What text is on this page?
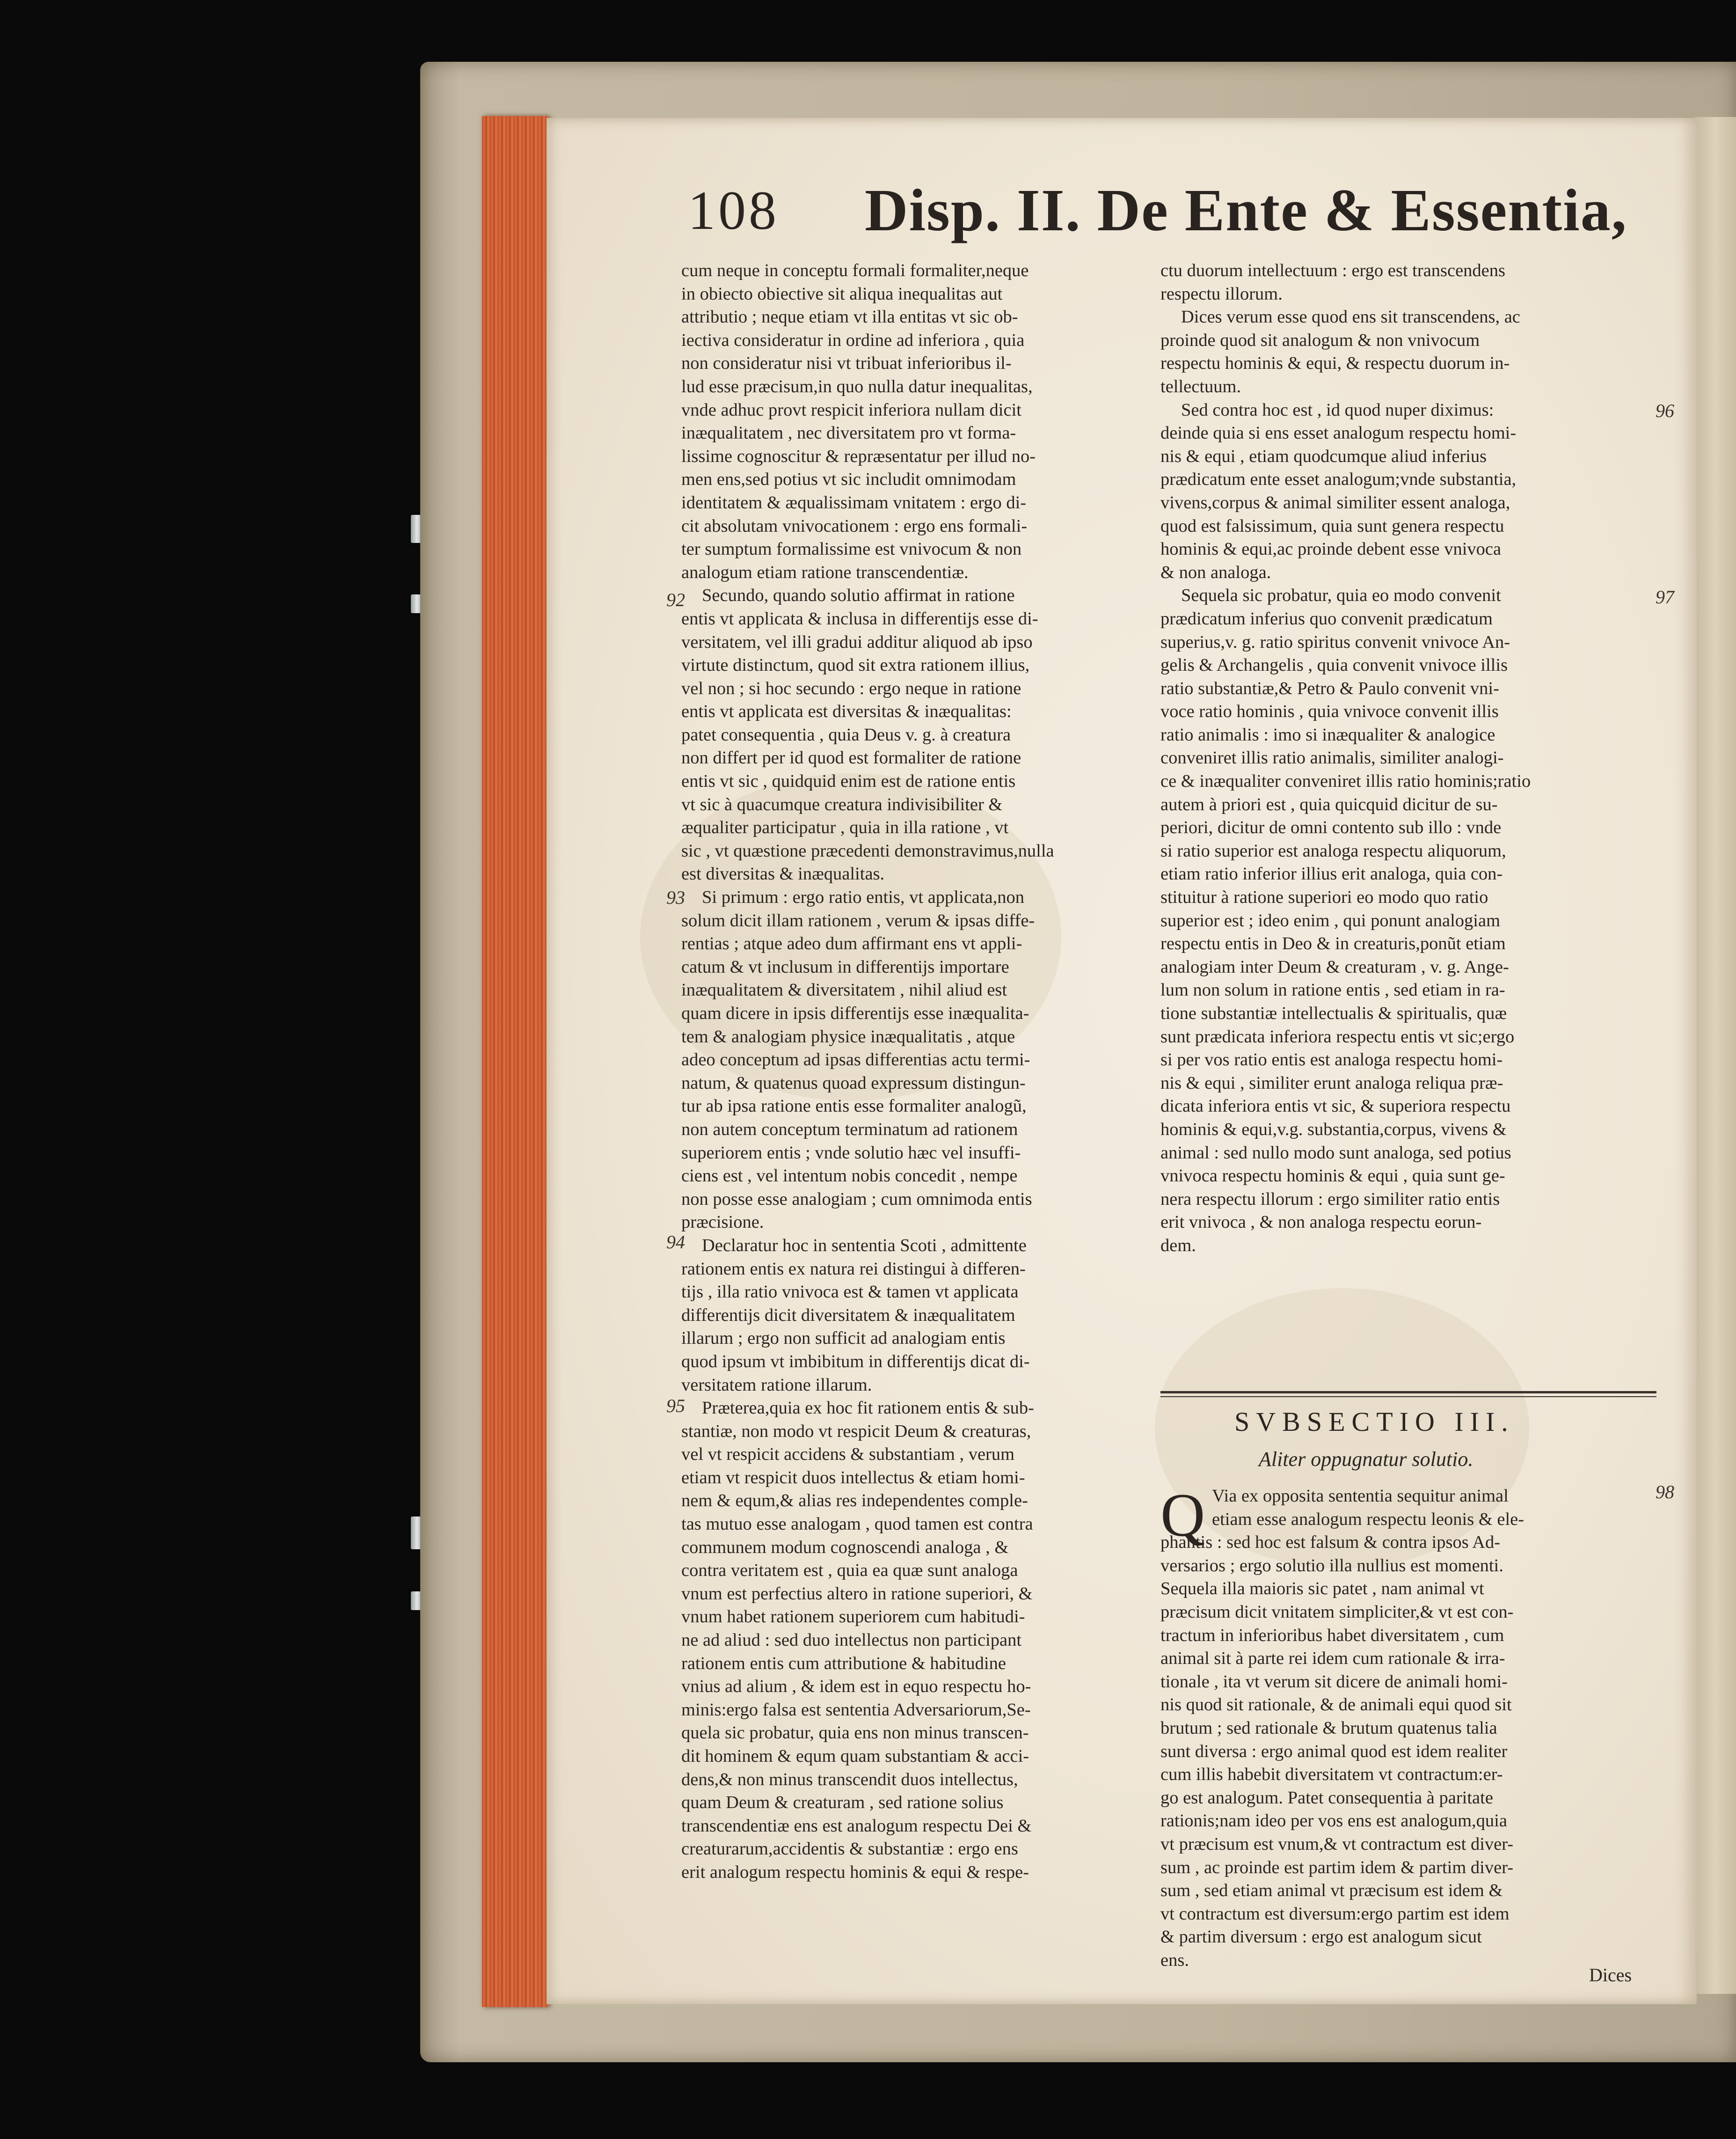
108 Disp. II. De Ente & Essentia,
cum neque in conceptu formali formaliter,neque
in obiecto obiective sit aliqua inequalitas aut
attributio ; neque etiam vt illa entitas vt sic ob-
iectiva consideratur in ordine ad inferiora , quia
non consideratur nisi vt tribuat inferioribus il-
lud esse præcisum,in quo nulla datur inequalitas,
vnde adhuc provt respicit inferiora nullam dicit
inæqualitatem , nec diversitatem pro vt forma-
lissime cognoscitur & repræsentatur per illud no-
men ens,sed potius vt sic includit omnimodam
identitatem & æqualissimam vnitatem : ergo di-
cit absolutam vnivocationem : ergo ens formali-
ter sumptum formalissime est vnivocum & non
analogum etiam ratione transcendentiæ.
Secundo, quando solutio affirmat in ratione
entis vt applicata & inclusa in differentijs esse di-
versitatem, vel illi gradui additur aliquod ab ipso
virtute distinctum, quod sit extra rationem illius,
vel non ; si hoc secundo : ergo neque in ratione
entis vt applicata est diversitas & inæqualitas:
patet consequentia , quia Deus v. g. à creatura
non differt per id quod est formaliter de ratione
entis vt sic , quidquid enim est de ratione entis
vt sic à quacumque creatura indivisibiliter &
æqualiter participatur , quia in illa ratione , vt
sic , vt quæstione præcedenti demonstravimus,nulla
est diversitas & inæqualitas.
Si primum : ergo ratio entis, vt applicata,non
solum dicit illam rationem , verum & ipsas diffe-
rentias ; atque adeo dum affirmant ens vt appli-
catum & vt inclusum in differentijs importare
inæqualitatem & diversitatem , nihil aliud est
quam dicere in ipsis differentijs esse inæqualita-
tem & analogiam physice inæqualitatis , atque
adeo conceptum ad ipsas differentias actu termi-
natum, & quatenus quoad expressum distingun-
tur ab ipsa ratione entis esse formaliter analogũ,
non autem conceptum terminatum ad rationem
superiorem entis ; vnde solutio hæc vel insuffi-
ciens est , vel intentum nobis concedit , nempe
non posse esse analogiam ; cum omnimoda entis
præcisione.
Declaratur hoc in sententia Scoti , admittente
rationem entis ex natura rei distingui à differen-
tijs , illa ratio vnivoca est & tamen vt applicata
differentijs dicit diversitatem & inæqualitatem
illarum ; ergo non sufficit ad analogiam entis
quod ipsum vt imbibitum in differentijs dicat di-
versitatem ratione illarum.
Præterea,quia ex hoc fit rationem entis & sub-
stantiæ, non modo vt respicit Deum & creaturas,
vel vt respicit accidens & substantiam , verum
etiam vt respicit duos intellectus & etiam homi-
nem & equm,& alias res independentes comple-
tas mutuo esse analogam , quod tamen est contra
communem modum cognoscendi analoga , &
contra veritatem est , quia ea quæ sunt analoga
vnum est perfectius altero in ratione superiori, &
vnum habet rationem superiorem cum habitudi-
ne ad aliud : sed duo intellectus non participant
rationem entis cum attributione & habitudine
vnius ad alium , & idem est in equo respectu ho-
minis:ergo falsa est sententia Adversariorum,Se-
quela sic probatur, quia ens non minus transcen-
dit hominem & equm quam substantiam & acci-
dens,& non minus transcendit duos intellectus,
quam Deum & creaturam , sed ratione solius
transcendentiæ ens est analogum respectu Dei &
creaturarum,accidentis & substantiæ : ergo ens
erit analogum respectu hominis & equi & respe-
ctu duorum intellectuum : ergo est transcendens
respectu illorum.
Dices verum esse quod ens sit transcendens, ac
proinde quod sit analogum & non vnivocum
respectu hominis & equi, & respectu duorum in-
tellectuum.
Sed contra hoc est , id quod nuper diximus:
deinde quia si ens esset analogum respectu homi-
nis & equi , etiam quodcumque aliud inferius
prædicatum ente esset analogum;vnde substantia,
vivens,corpus & animal similiter essent analoga,
quod est falsissimum, quia sunt genera respectu
hominis & equi,ac proinde debent esse vnivoca
& non analoga.
Sequela sic probatur, quia eo modo convenit
prædicatum inferius quo convenit prædicatum
superius,v. g. ratio spiritus convenit vnivoce An-
gelis & Archangelis , quia convenit vnivoce illis
ratio substantiæ,& Petro & Paulo convenit vni-
voce ratio hominis , quia vnivoce convenit illis
ratio animalis : imo si inæqualiter & analogice
conveniret illis ratio animalis, similiter analogi-
ce & inæqualiter conveniret illis ratio hominis;ratio
autem à priori est , quia quicquid dicitur de su-
periori, dicitur de omni contento sub illo : vnde
si ratio superior est analoga respectu aliquorum,
etiam ratio inferior illius erit analoga, quia con-
stituitur à ratione superiori eo modo quo ratio
superior est ; ideo enim , qui ponunt analogiam
respectu entis in Deo & in creaturis,ponũt etiam
analogiam inter Deum & creaturam , v. g. Ange-
lum non solum in ratione entis , sed etiam in ra-
tione substantiæ intellectualis & spiritualis, quæ
sunt prædicata inferiora respectu entis vt sic;ergo
si per vos ratio entis est analoga respectu homi-
nis & equi , similiter erunt analoga reliqua præ-
dicata inferiora entis vt sic, & superiora respectu
hominis & equi,v.g. substantia,corpus, vivens &
animal : sed nullo modo sunt analoga, sed potius
vnivoca respectu hominis & equi , quia sunt ge-
nera respectu illorum : ergo similiter ratio entis
erit vnivoca , & non analoga respectu eorun-
dem.
92
93
94
95
96
97
98
SVBSECTIO III.
Aliter oppugnatur solutio.
Q Via ex opposita sententia sequitur animal
etiam esse analogum respectu leonis & ele-
phantis : sed hoc est falsum & contra ipsos Ad-
versarios ; ergo solutio illa nullius est momenti.
Sequela illa maioris sic patet , nam animal vt
præcisum dicit vnitatem simpliciter,& vt est con-
tractum in inferioribus habet diversitatem , cum
animal sit à parte rei idem cum rationale & irra-
tionale , ita vt verum sit dicere de animali homi-
nis quod sit rationale, & de animali equi quod sit
brutum ; sed rationale & brutum quatenus talia
sunt diversa : ergo animal quod est idem realiter
cum illis habebit diversitatem vt contractum:er-
go est analogum. Patet consequentia à paritate
rationis;nam ideo per vos ens est analogum,quia
vt præcisum est vnum,& vt contractum est diver-
sum , ac proinde est partim idem & partim diver-
sum , sed etiam animal vt præcisum est idem &
vt contractum est diversum:ergo partim est idem
& partim diversum : ergo est analogum sicut
ens.
Dices
